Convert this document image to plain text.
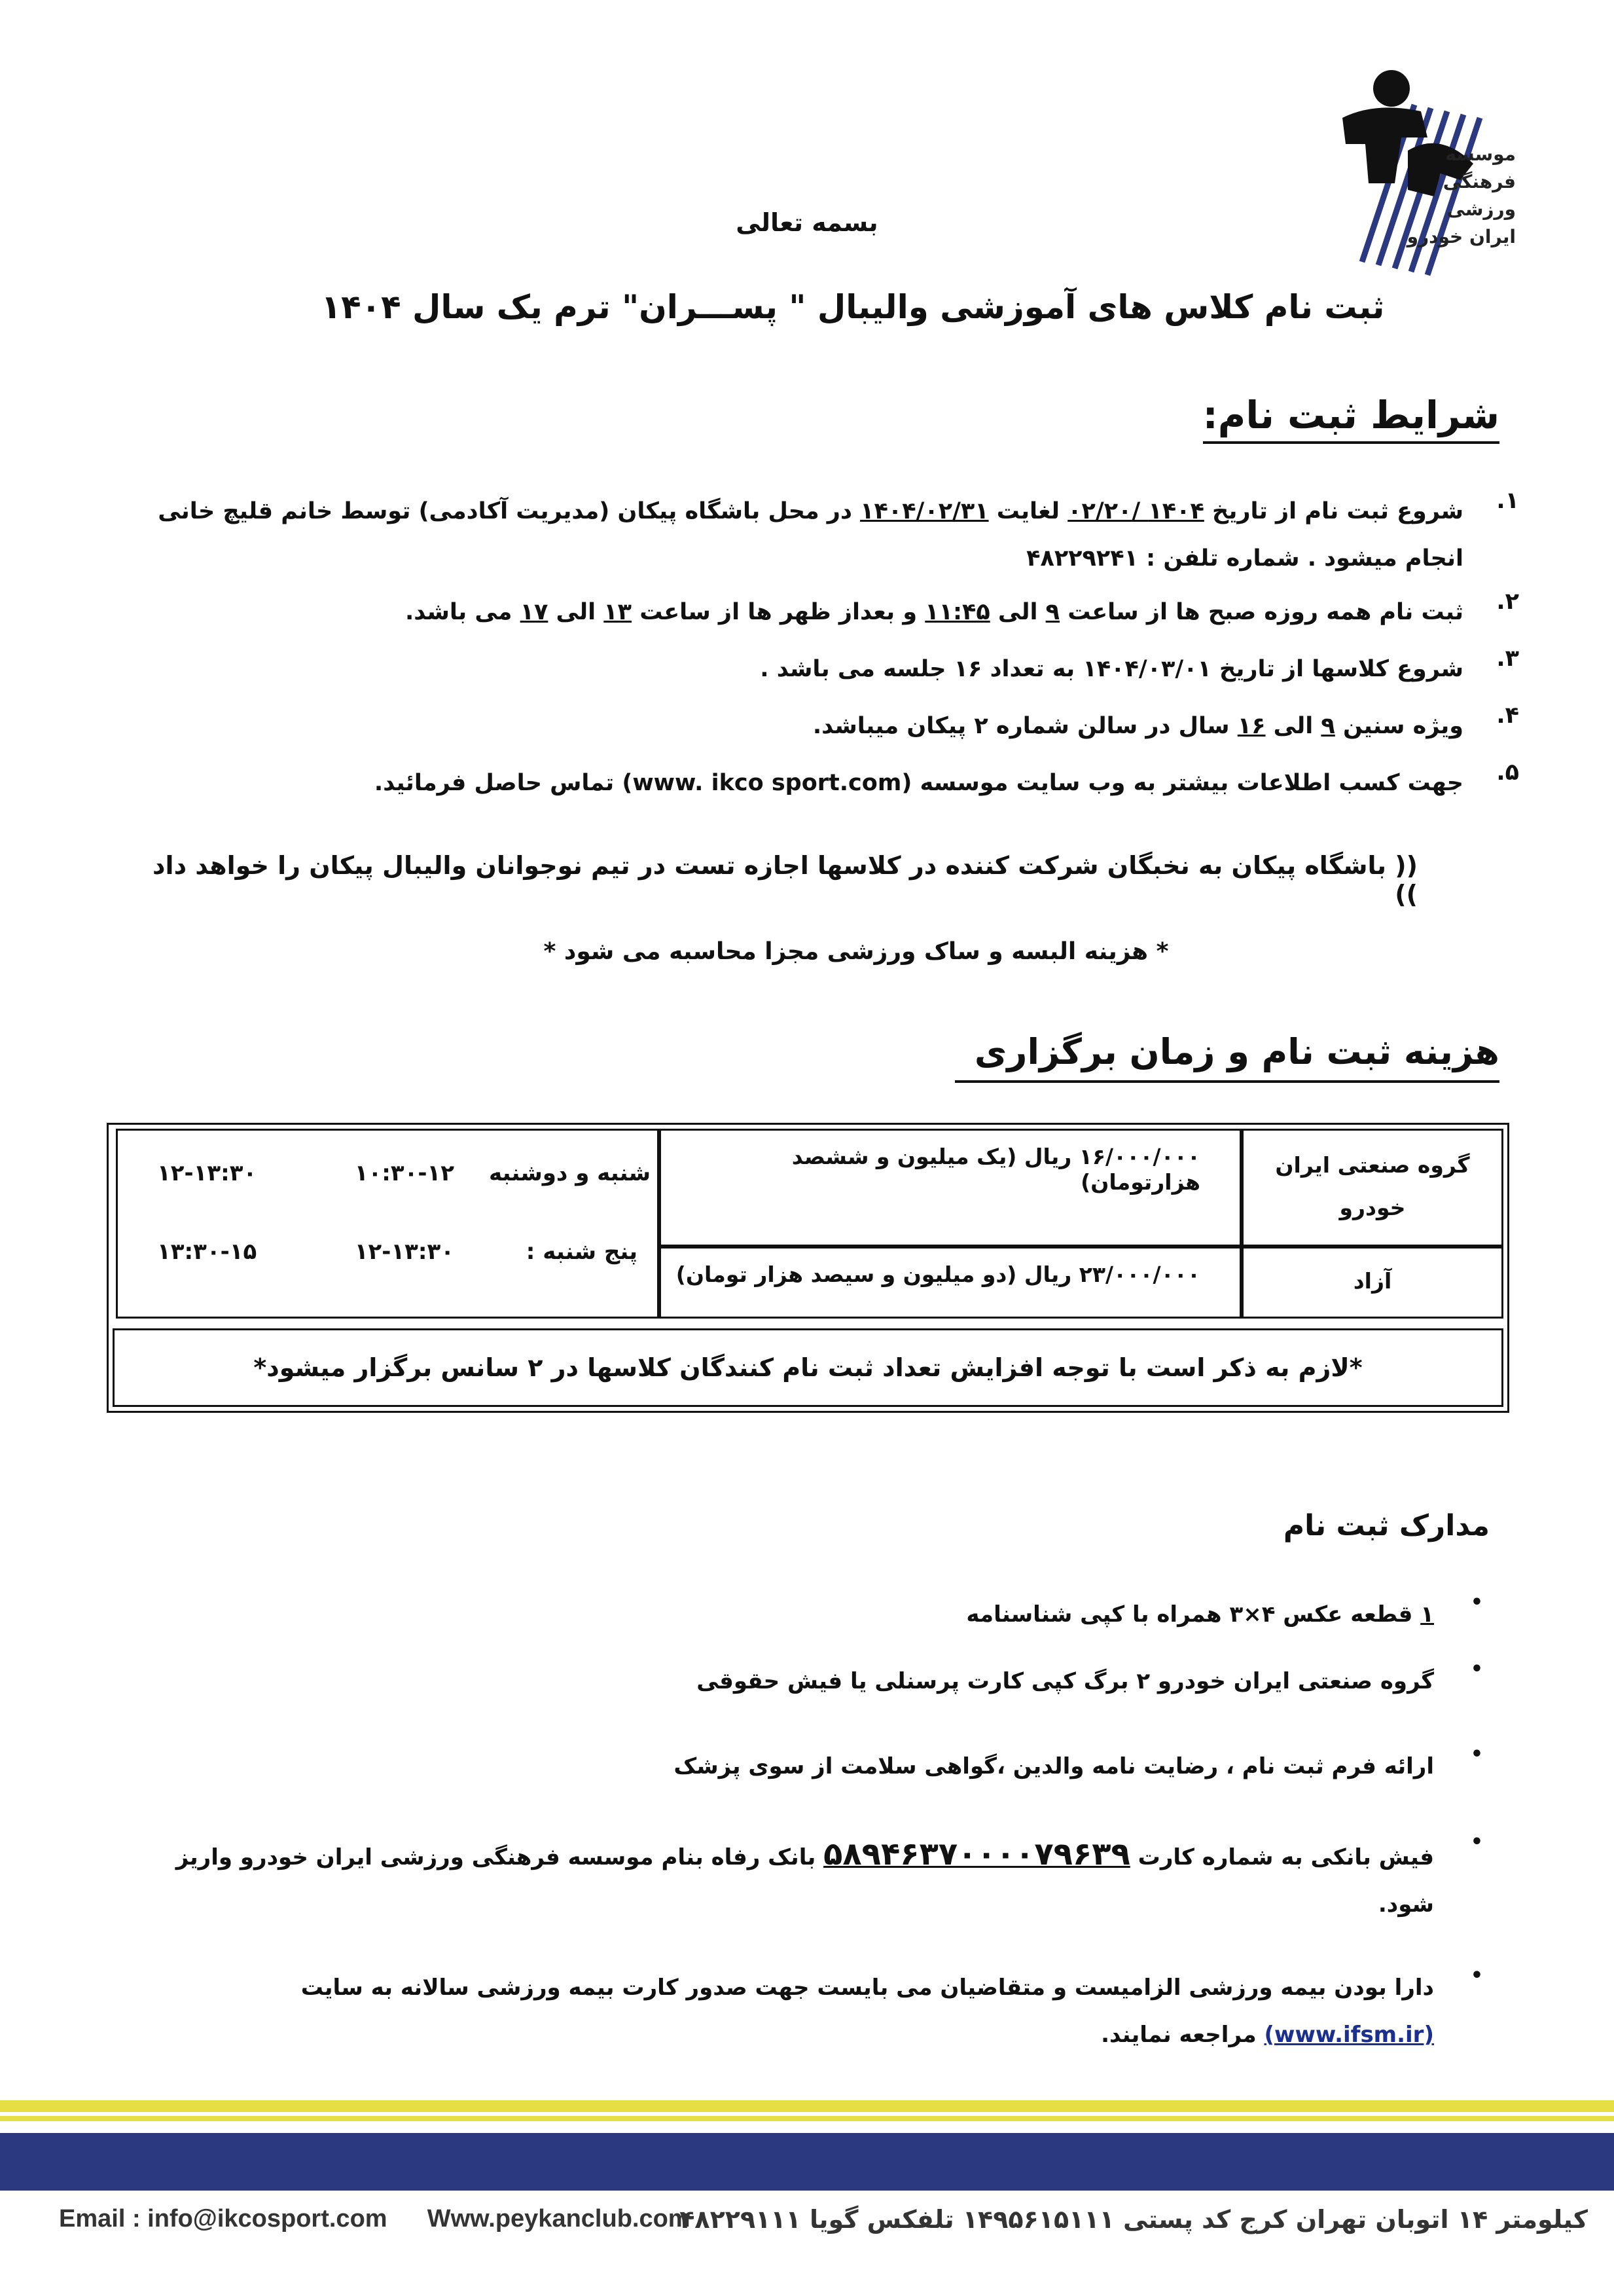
موسسه
فرهنگی ورزشی
ایران خودرو
بسمه تعالی
ثبت نام کلاس های آموزشی والیبال " پســـران" ترم یک سال ۱۴۰۴
شرایط ثبت نام:
۱.

شروع ثبت نام از تاریخ ۱۴۰۴ /۰۲/۲۰ لغایت ۱۴۰۴/۰۲/۳۱ در محل باشگاه پیکان (مدیریت آکادمی) توسط خانم قلیچ خانی انجام میشود . شماره تلفن : ۴۸۲۲۹۲۴۱

۲.

ثبت نام همه روزه صبح ها از ساعت ۹ الی ۱۱:۴۵ و بعداز ظهر ها از ساعت ۱۳ الی ۱۷ می باشد.

۳.

شروع کلاسها از تاریخ ۱۴۰۴/۰۳/۰۱ به تعداد ۱۶ جلسه می باشد .

۴.

ویژه سنین ۹ الی ۱۶ سال در سالن شماره ۲ پیکان میباشد.

۵.

جهت کسب اطلاعات بیشتر به وب سایت موسسه (www. ikco sport.com) تماس حاصل فرمائید.

(( باشگاه پیکان به نخبگان شرکت کننده در کلاسها اجازه تست در تیم نوجوانان والیبال پیکان را خواهد داد ))
* هزینه البسه و ساک ورزشی مجزا محاسبه می شود *
هزینه ثبت نام و زمان برگزاری
گروه صنعتی ایران خودرو
آزاد
۱۶/۰۰۰/۰۰۰ ریال (یک میلیون و ششصد هزارتومان)
۲۳/۰۰۰/۰۰۰ ریال (دو میلیون و سیصد هزار تومان)
شنبه و دوشنبه
۱۰:۳۰-۱۲
۱۲-۱۳:۳۰
پنج شنبه :
۱۲-۱۳:۳۰
۱۳:۳۰-۱۵
*لازم به ذکر است با توجه افزایش تعداد ثبت نام کنندگان کلاسها در ۲ سانس برگزار میشود*
مدارک ثبت نام
•

۱ قطعه عکس ۴×۳ همراه با کپی شناسنامه

•

گروه صنعتی ایران خودرو ۲ برگ کپی کارت پرسنلی یا فیش حقوقی

•

ارائه فرم ثبت نام ، رضایت نامه والدین ،گواهی سلامت از سوی پزشک

•

فیش بانکی به شماره کارت ۵۸۹۴۶۳۷۰۰۰۰۷۹۶۳۹ بانک رفاه بنام موسسه فرهنگی ورزشی ایران خودرو واریز شود.

•

دارا بودن بیمه ورزشی الزامیست و متقاضیان می بایست جهت صدور کارت بیمه ورزشی سالانه به سایت (www.ifsm.ir) مراجعه نمایند.

Email : info@ikcosport.com Www.peykanclub.com
کیلومتر ۱۴ اتوبان تهران کرج کد پستی ۱۴۹۵۶۱۵۱۱۱ تلفکس گویا ۴۸۲۲۹۱۱۱
